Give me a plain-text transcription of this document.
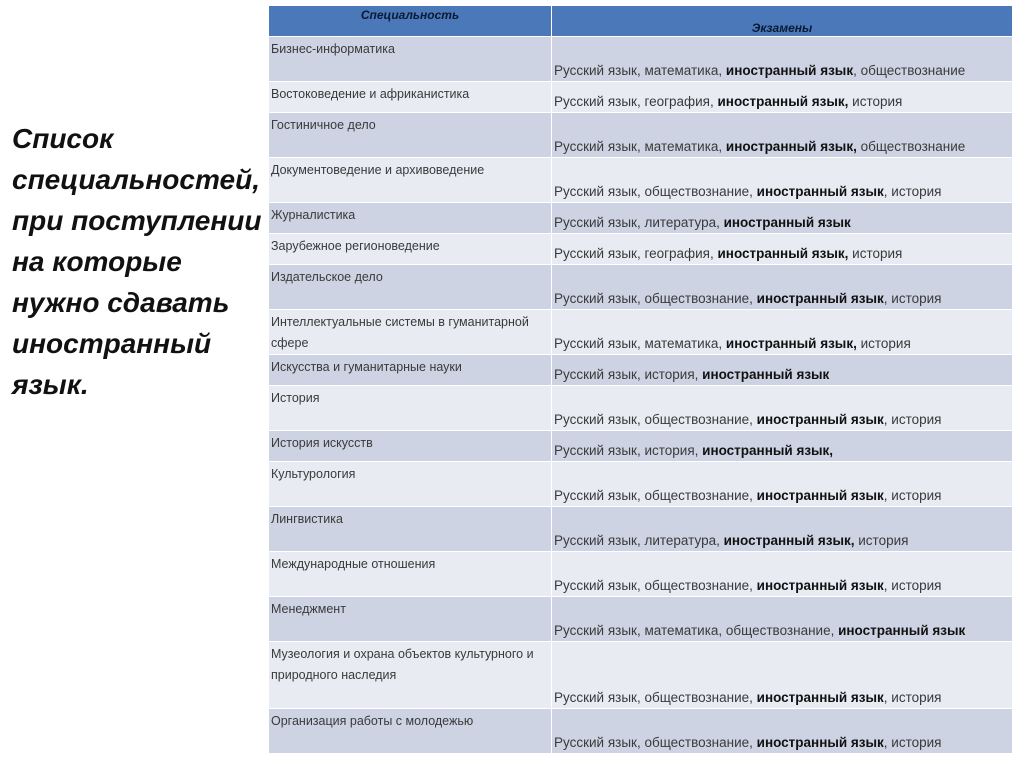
Список
специальностей,
при поступлении
на которые
нужно сдавать
иностранный
язык.
Специальность	Экзамены
Бизнес-информатика	Русский язык, математика, иностранный язык, обществознание
Востоковедение и африканистика	Русский язык, география, иностранный язык, история
Гостиничное дело	Русский язык, математика, иностранный язык, обществознание
Документоведение и архивоведение	Русский язык, обществознание, иностранный язык, история
Журналистика	Русский язык, литература, иностранный язык
Зарубежное регионоведение	Русский язык, география, иностранный язык, история
Издательское дело	Русский язык, обществознание, иностранный язык, история
Интеллектуальные системы в гуманитарной сфере	Русский язык, математика, иностранный язык, история
Искусства и гуманитарные науки	Русский язык, история, иностранный язык
История	Русский язык, обществознание, иностранный язык, история
История искусств	Русский язык, история, иностранный язык,
Культурология	Русский язык, обществознание, иностранный язык, история
Лингвистика	Русский язык, литература, иностранный язык, история
Международные отношения	Русский язык, обществознание, иностранный язык, история
Менеджмент	Русский язык, математика, обществознание, иностранный язык
Музеология и охрана объектов культурного и природного наследия	Русский язык, обществознание, иностранный язык, история
Организация работы с молодежью	Русский язык, обществознание, иностранный язык, история
